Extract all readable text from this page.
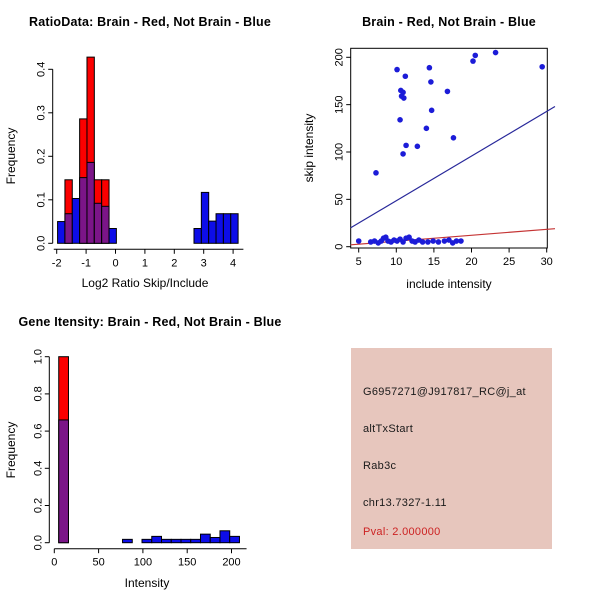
RatioData: Brain - Red, Not Brain - Blue
Log2 Ratio Skip/Include
Frequency
-2 -1 0 1 2 3 4
0.0
0.1
0.2
0.3
0.4
Brain - Red, Not Brain - Blue
include intensity
skip intensity
5	10 15 20 25 30
0
50
100
150
200
Gene Itensity: Brain - Red, Not Brain - Blue
Intensity
Frequency
0	50	100 150 200
0.0
0.2
0.4
0.6
0.8
1.0
G6957271@J917817_RC@j_at
altTxStart
Rab3c
chr13.7327-1.11
Pval: 2.000000
